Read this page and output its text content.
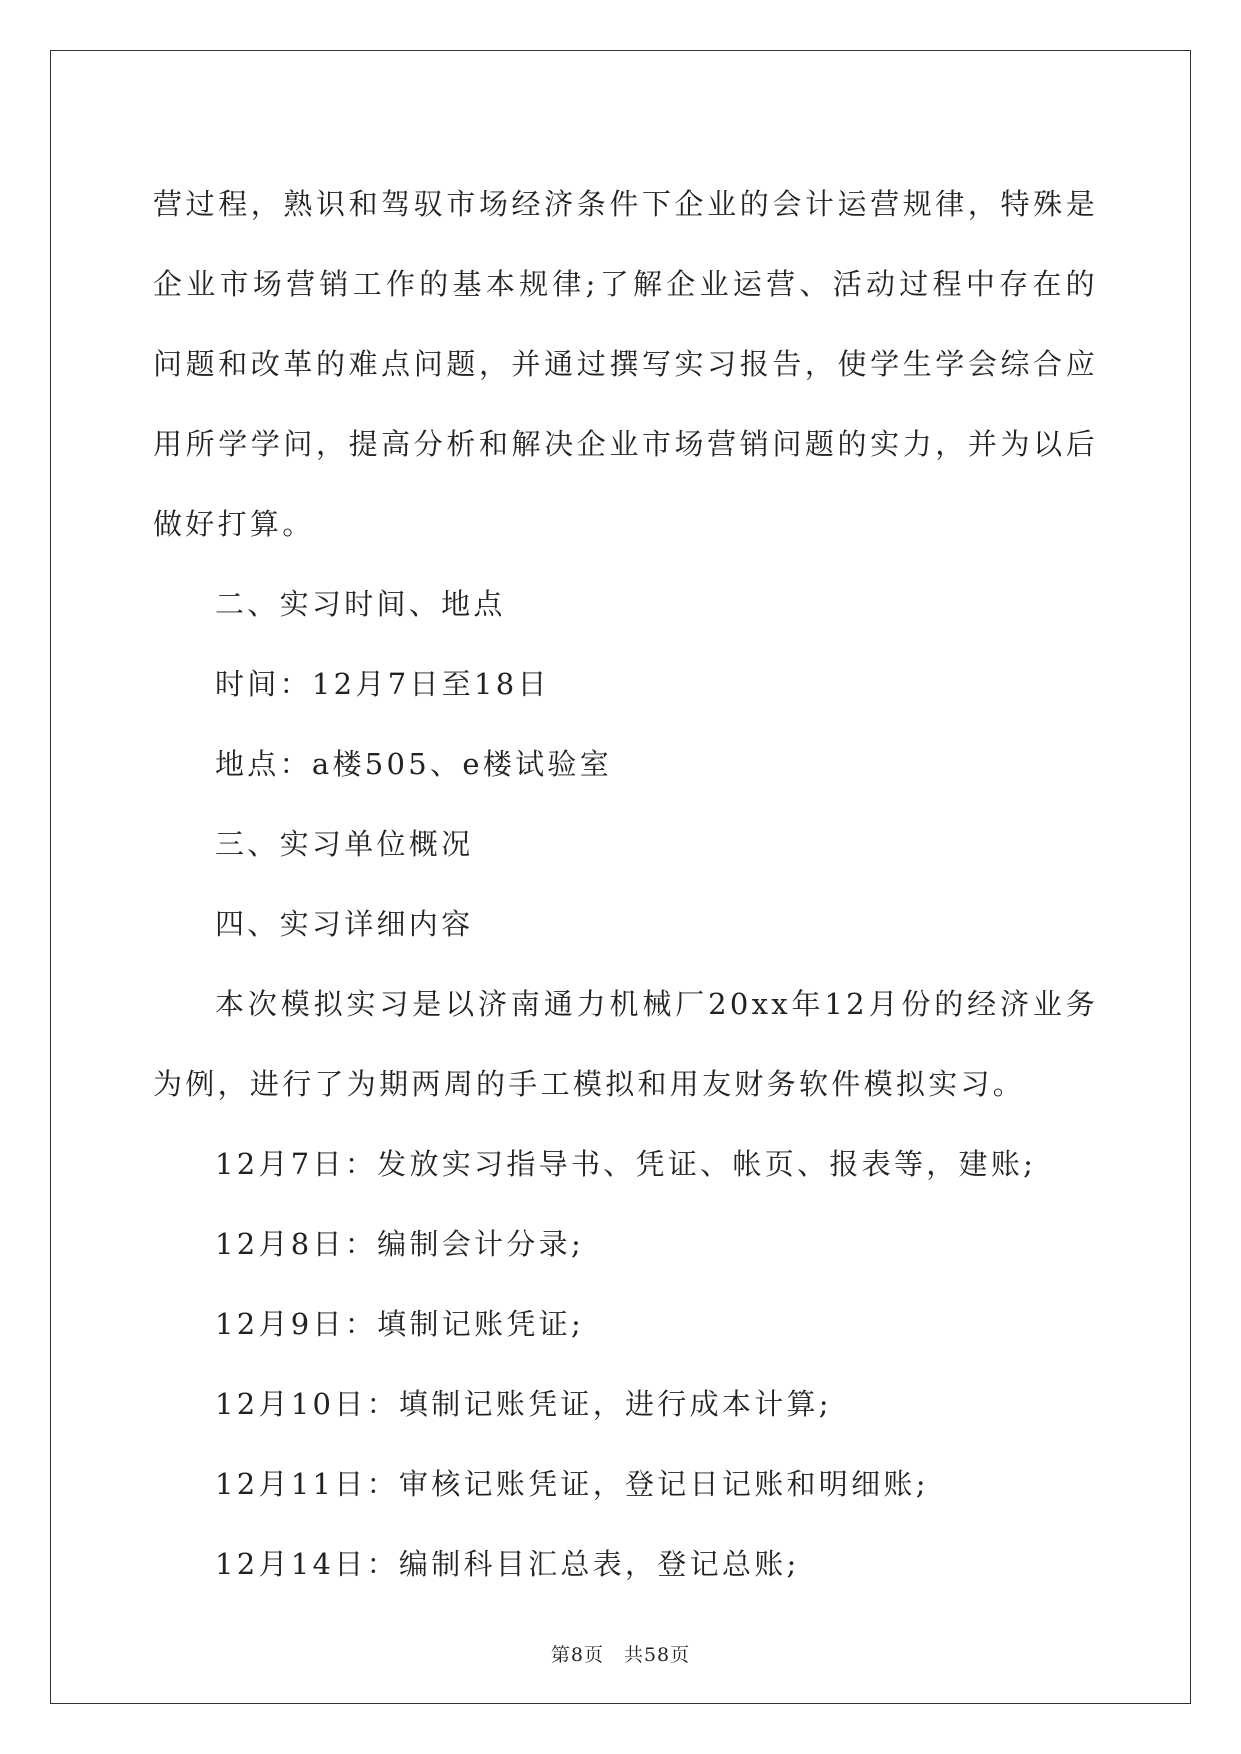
营过程，熟识和驾驭市场经济条件下企业的会计运营规律，特殊是企业市场营销工作的基本规律;了解企业运营、活动过程中存在的问题和改革的难点问题，并通过撰写实习报告，使学生学会综合应用所学学问，提高分析和解决企业市场营销问题的实力，并为以后做好打算。

二、实习时间、地点

时间：12月7日至18日

地点：a楼505、e楼试验室

三、实习单位概况

四、实习详细内容

本次模拟实习是以济南通力机械厂20xx年12月份的经济业务为例，进行了为期两周的手工模拟和用友财务软件模拟实习。

12月7日：发放实习指导书、凭证、帐页、报表等，建账;

12月8日：编制会计分录;

12月9日：填制记账凭证;

12月10日：填制记账凭证，进行成本计算;

12月11日：审核记账凭证，登记日记账和明细账;

12月14日：编制科目汇总表，登记总账;

第8页　共58页
